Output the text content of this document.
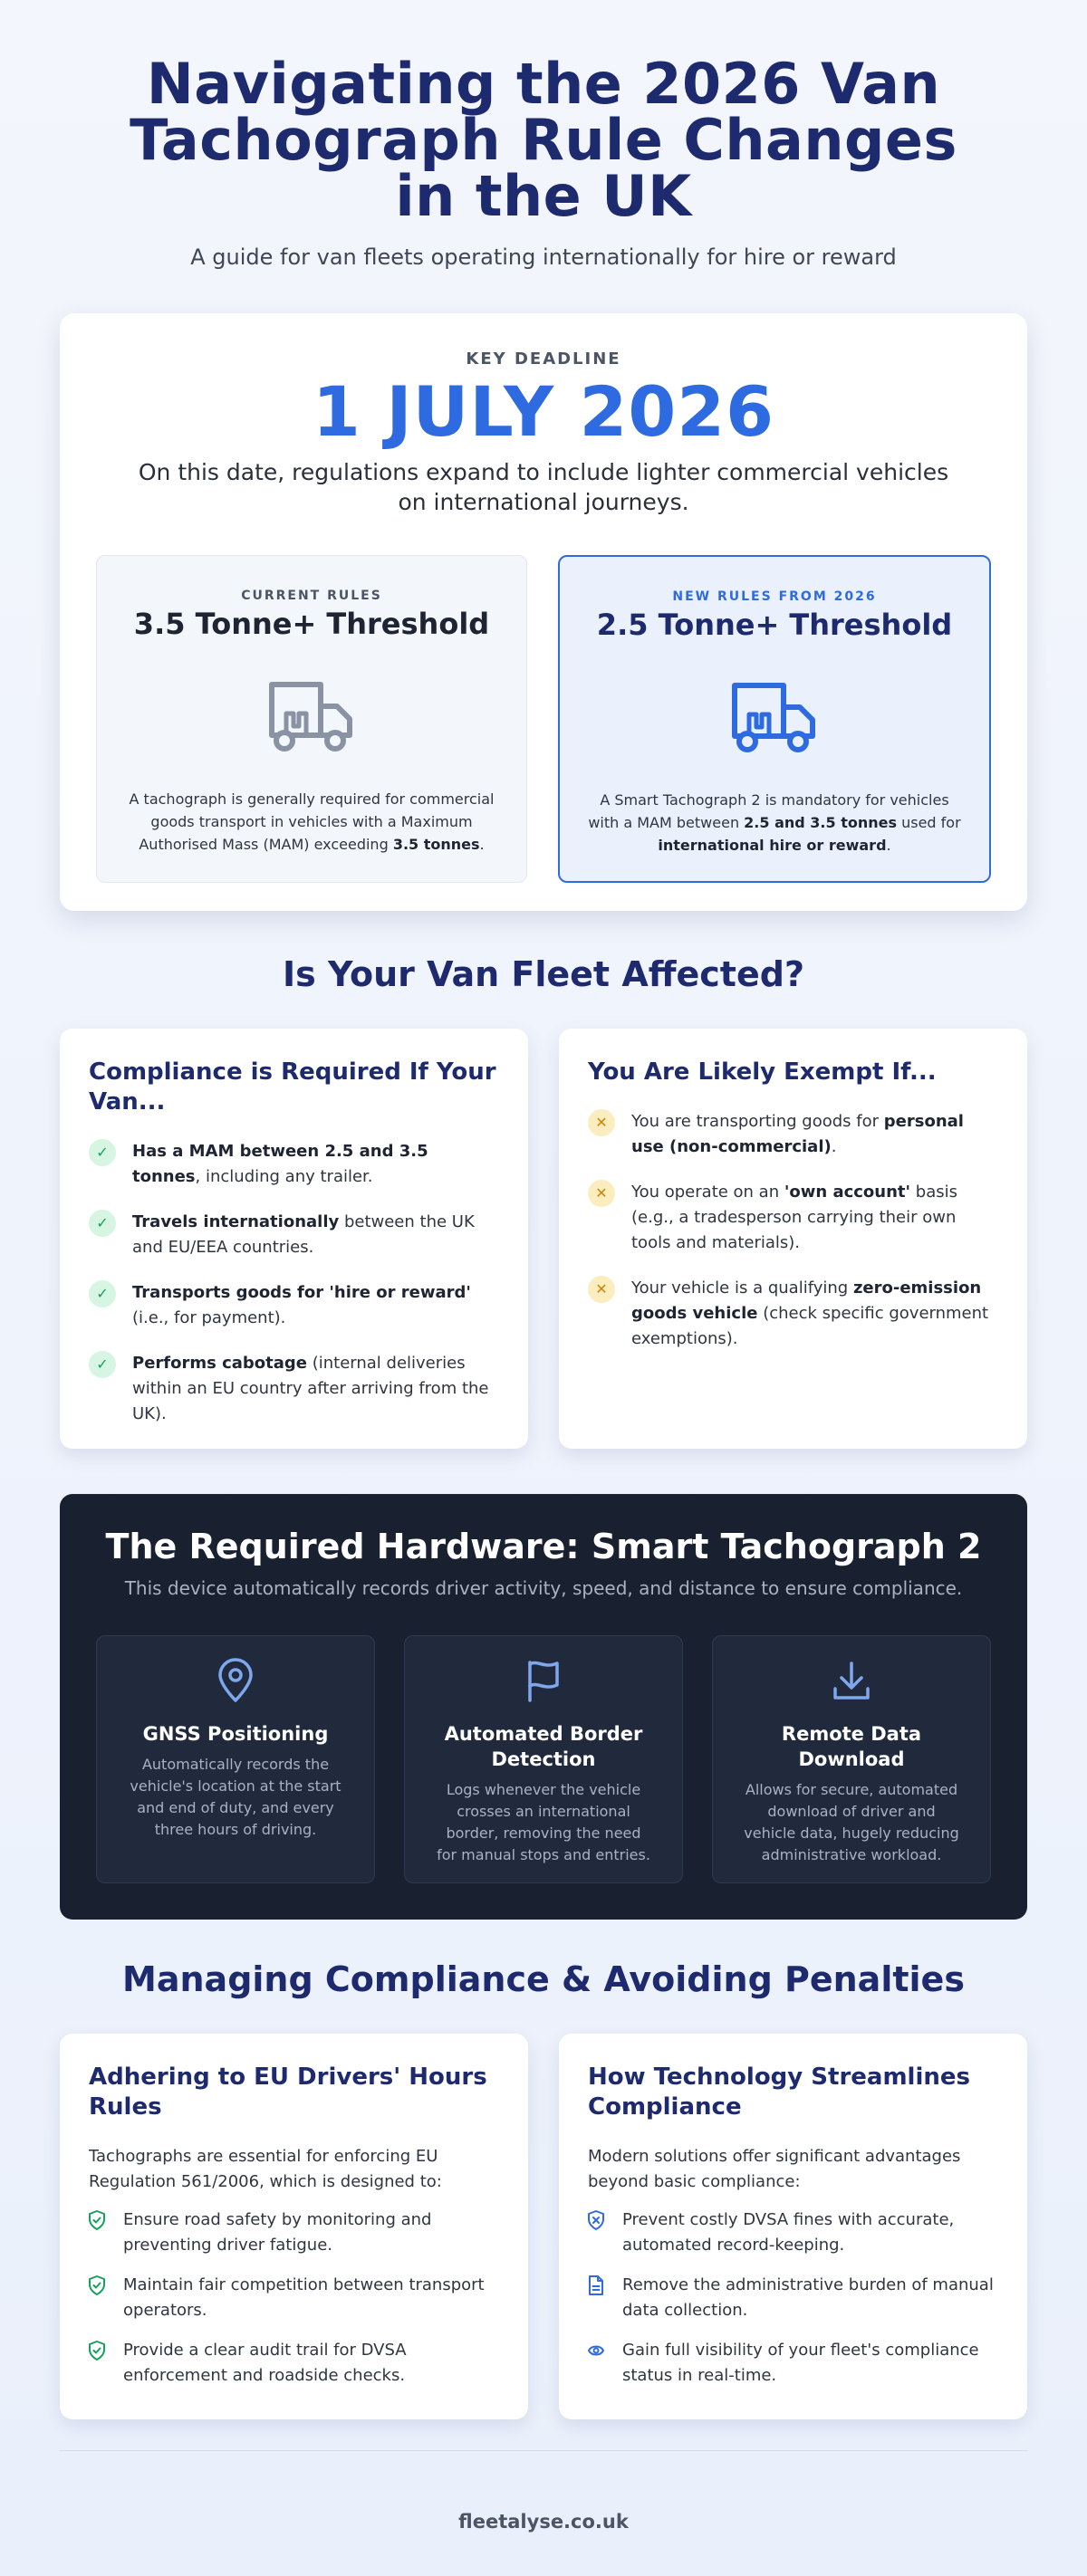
Navigating the 2026 Van Tachograph Rule Changes in the UK

A guide for van fleets operating internationally for hire or reward

KEY DEADLINE
1 JULY 2026

On this date, regulations expand to include lighter commercial vehicles on international journeys.

CURRENT RULES
3.5 Tonne+ Threshold

A tachograph is generally required for commercial goods transport in vehicles with a Maximum Authorised Mass (MAM) exceeding 3.5 tonnes.

NEW RULES FROM 2026
2.5 Tonne+ Threshold

A Smart Tachograph 2 is mandatory for vehicles with a MAM between 2.5 and 3.5 tonnes used for international hire or reward.

Is Your Van Fleet Affected?
Compliance is Required If Your Van...
✓	Has a MAM between 2.5 and 3.5 tonnes, including any trailer.
✓	Travels internationally between the UK and EU/EEA countries.
✓	Transports goods for 'hire or reward' (i.e., for payment).
✓	Performs cabotage (internal deliveries within an EU country after arriving from the UK).
You Are Likely Exempt If...
✕	You are transporting goods for personal use (non-commercial).
✕	You operate on an 'own account' basis (e.g., a tradesperson carrying their own tools and materials).
✕	Your vehicle is a qualifying zero-emission goods vehicle (check specific government exemptions).
The Required Hardware: Smart Tachograph 2

This device automatically records driver activity, speed, and distance to ensure compliance.

GNSS Positioning

Automatically records the vehicle's location at the start and end of duty, and every three hours of driving.

Automated Border Detection

Logs whenever the vehicle crosses an international border, removing the need for manual stops and entries.

Remote Data Download

Allows for secure, automated download of driver and vehicle data, hugely reducing administrative workload.

Managing Compliance & Avoiding Penalties
Adhering to EU Drivers' Hours Rules

Tachographs are essential for enforcing EU Regulation 561/2006, which is designed to:

Ensure road safety by monitoring and preventing driver fatigue.
Maintain fair competition between transport operators.
Provide a clear audit trail for DVSA enforcement and roadside checks.
How Technology Streamlines Compliance

Modern solutions offer significant advantages beyond basic compliance:

Prevent costly DVSA fines with accurate, automated record-keeping.
Remove the administrative burden of manual data collection.
Gain full visibility of your fleet's compliance status in real-time.
fleetalyse.co.uk
